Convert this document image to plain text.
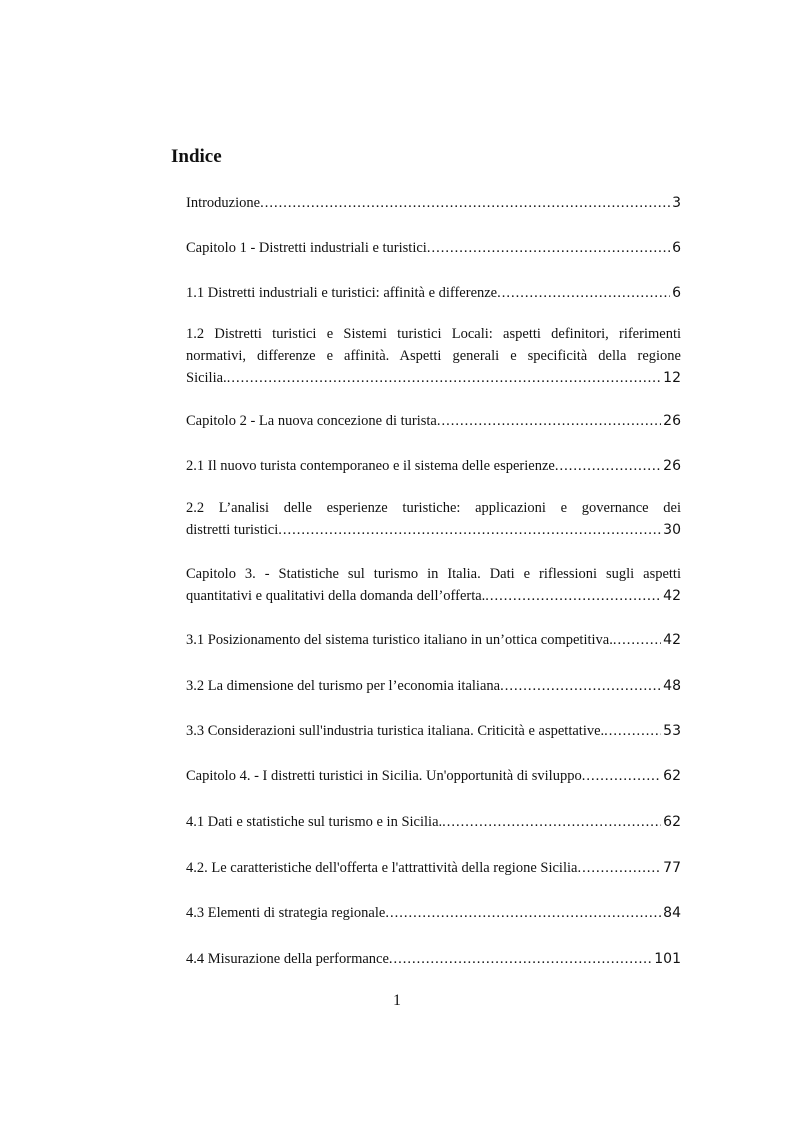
Indice
Introduzione .....	3
Capitolo 1 - Distretti industriali e turistici .....	6
1.1 Distretti industriali e turistici: affinità e differenze .....	6
1.2 Distretti turistici e Sistemi turistici Locali: aspetti definitori, riferimenti
normativi, differenze e affinità. Aspetti generali e specificità della regione
Sicilia. .....	12
Capitolo 2 - La nuova concezione di turista .....	26
2.1 Il nuovo turista contemporaneo e il sistema delle esperienze .....	26
2.2 L’analisi delle esperienze turistiche: applicazioni e governance dei
distretti turistici .....	30
Capitolo 3. - Statistiche sul turismo in Italia. Dati e riflessioni sugli aspetti
quantitativi e qualitativi della domanda dell’offerta. .....	42
3.1 Posizionamento del sistema turistico italiano in un’ottica competitiva. .....	42
3.2 La dimensione del turismo per l’economia italiana .....	48
3.3 Considerazioni sull'industria turistica italiana. Criticità e aspettative. .....	53
Capitolo 4. - I distretti turistici in Sicilia. Un'opportunità di sviluppo .....	62
4.1 Dati e statistiche sul turismo e in Sicilia. .....	62
4.2. Le caratteristiche dell'offerta e l'attrattività della regione Sicilia .....	77
4.3 Elementi di strategia regionale .....	84
4.4 Misurazione della performance .....	101
1
